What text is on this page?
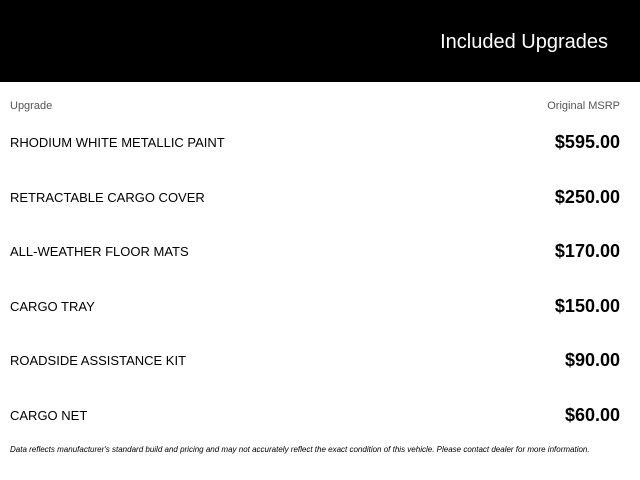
Included Upgrades
Upgrade	Original MSRP
RHODIUM WHITE METALLIC PAINT	$595.00
RETRACTABLE CARGO COVER	$250.00
ALL-WEATHER FLOOR MATS	$170.00
CARGO TRAY	$150.00
ROADSIDE ASSISTANCE KIT	$90.00
CARGO NET	$60.00
Data reflects manufacturer's standard build and pricing and may not accurately reflect the exact condition of this vehicle. Please contact dealer for more information.
